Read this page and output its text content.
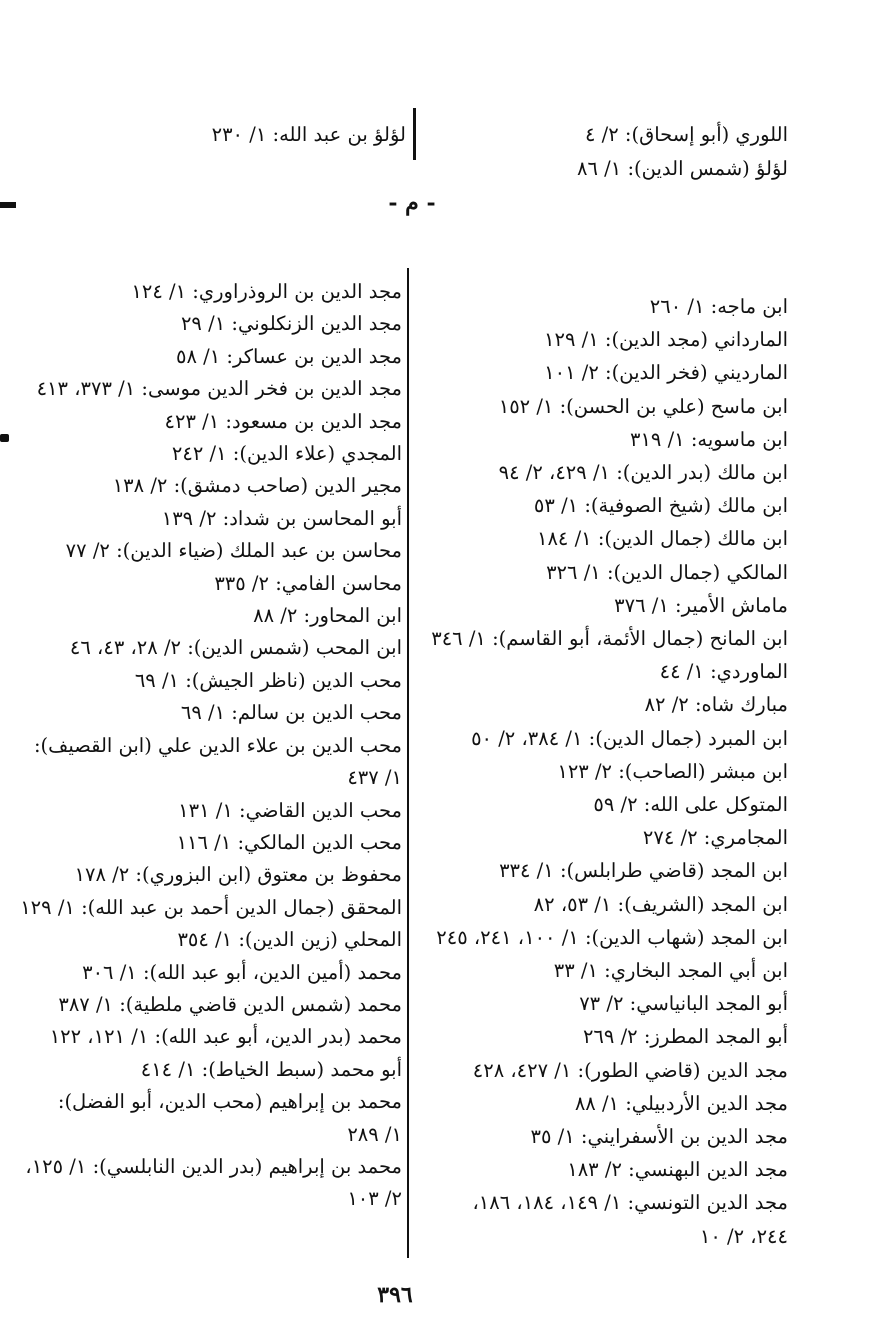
اللوري (أبو إسحاق): ٢/ ٤

لؤلؤ (شمس الدين): ١/ ٨٦

لؤلؤ بن عبد الله: ١/ ٢٣٠

- م -

ابن ماجه: ١/ ٢٦٠

المارداني (مجد الدين): ١/ ١٢٩

المارديني (فخر الدين): ٢/ ١٠١

ابن ماسح (علي بن الحسن): ١/ ١٥٢

ابن ماسويه: ١/ ٣١٩

ابن مالك (بدر الدين): ١/ ٤٢٩، ٢/ ٩٤

ابن مالك (شيخ الصوفية): ١/ ٥٣

ابن مالك (جمال الدين): ١/ ١٨٤

المالكي (جمال الدين): ١/ ٣٢٦

ماماش الأمير: ١/ ٣٧٦

ابن المانح (جمال الأئمة، أبو القاسم): ١/ ٣٤٦

الماوردي: ١/ ٤٤

مبارك شاه: ٢/ ٨٢

ابن المبرد (جمال الدين): ١/ ٣٨٤، ٢/ ٥٠

ابن مبشر (الصاحب): ٢/ ١٢٣

المتوكل على الله: ٢/ ٥٩

المجامري: ٢/ ٢٧٤

ابن المجد (قاضي طرابلس): ١/ ٣٣٤

ابن المجد (الشريف): ١/ ٥٣، ٨٢

ابن المجد (شهاب الدين): ١/ ١٠٠، ٢٤١، ٢٤٥

ابن أبي المجد البخاري: ١/ ٣٣

أبو المجد البانياسي: ٢/ ٧٣

أبو المجد المطرز: ٢/ ٢٦٩

مجد الدين (قاضي الطور): ١/ ٤٢٧، ٤٢٨

مجد الدين الأردبيلي: ١/ ٨٨

مجد الدين بن الأسفرايني: ١/ ٣٥

مجد الدين البهنسي: ٢/ ١٨٣

مجد الدين التونسي: ١/ ١٤٩، ١٨٤، ١٨٦،

٢٤٤، ٢/ ١٠

مجد الدين بن الروذراوري: ١/ ١٢٤

مجد الدين الزنكلوني: ١/ ٢٩

مجد الدين بن عساكر: ١/ ٥٨

مجد الدين بن فخر الدين موسى: ١/ ٣٧٣، ٤١٣

مجد الدين بن مسعود: ١/ ٤٢٣

المجدي (علاء الدين): ١/ ٢٤٢

مجير الدين (صاحب دمشق): ٢/ ١٣٨

أبو المحاسن بن شداد: ٢/ ١٣٩

محاسن بن عبد الملك (ضياء الدين): ٢/ ٧٧

محاسن الفامي: ٢/ ٣٣٥

ابن المحاور: ٢/ ٨٨

ابن المحب (شمس الدين): ٢/ ٢٨، ٤٣، ٤٦

محب الدين (ناظر الجيش): ١/ ٦٩

محب الدين بن سالم: ١/ ٦٩

محب الدين بن علاء الدين علي (ابن القصيف):

١/ ٤٣٧

محب الدين القاضي: ١/ ١٣١

محب الدين المالكي: ١/ ١١٦

محفوظ بن معتوق (ابن البزوري): ٢/ ١٧٨

المحقق (جمال الدين أحمد بن عبد الله): ١/ ١٢٩

المحلي (زين الدين): ١/ ٣٥٤

محمد (أمين الدين، أبو عبد الله): ١/ ٣٠٦

محمد (شمس الدين قاضي ملطية): ١/ ٣٨٧

محمد (بدر الدين، أبو عبد الله): ١/ ١٢١، ١٢٢

أبو محمد (سبط الخياط): ١/ ٤١٤

محمد بن إبراهيم (محب الدين، أبو الفضل):

١/ ٢٨٩

محمد بن إبراهيم (بدر الدين النابلسي): ١/ ١٢٥،

٢/ ١٠٣

٣٩٦
